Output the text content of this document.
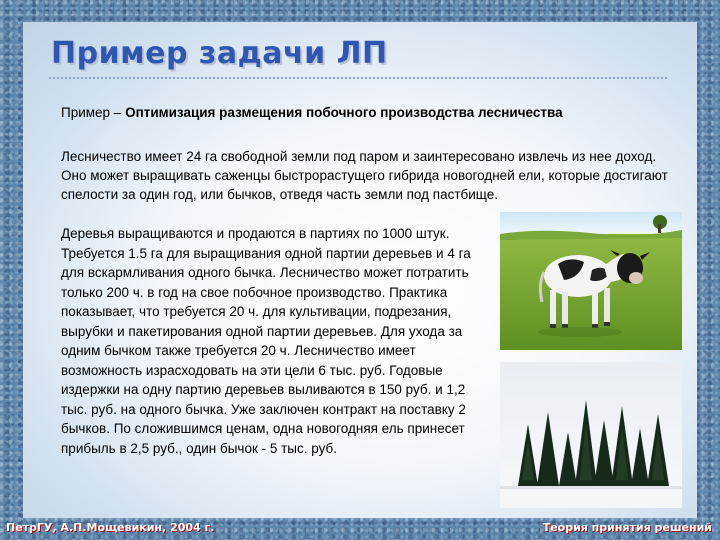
Пример задачи ЛП

Пример – Оптимизация размещения побочного производства лесничества

Лесничество имеет 24 га свободной земли под паром и заинтересовано извлечь из нее доход. Оно может выращивать саженцы быстрорастущего гибрида новогодней ели, которые достигают спелости за один год, или бычков, отведя часть земли под пастбище.

Деревья выращиваются и продаются в партиях по 1000 штук. Требуется 1.5 га для выращивания одной партии деревьев и 4 га для вскармливания одного бычка. Лесничество может потратить только 200 ч. в год на свое побочное производство. Практика показывает, что требуется 20 ч. для культивации, подрезания, вырубки и пакетирования одной партии деревьев. Для ухода за одним бычком также требуется 20 ч. Лесничество имеет возможность израсходовать на эти цели 6 тыс. руб. Годовые издержки на одну партию деревьев выливаются в 150 руб. и 1,2 тыс. руб. на одного бычка. Уже заключен контракт на поставку 2 бычков. По сложившимся ценам, одна новогодняя ель принесет прибыль в 2,5 руб., один бычок - 5 тыс. руб.

ПетрГУ, А.П.Мощевикин, 2004 г.	Теория принятия решений
